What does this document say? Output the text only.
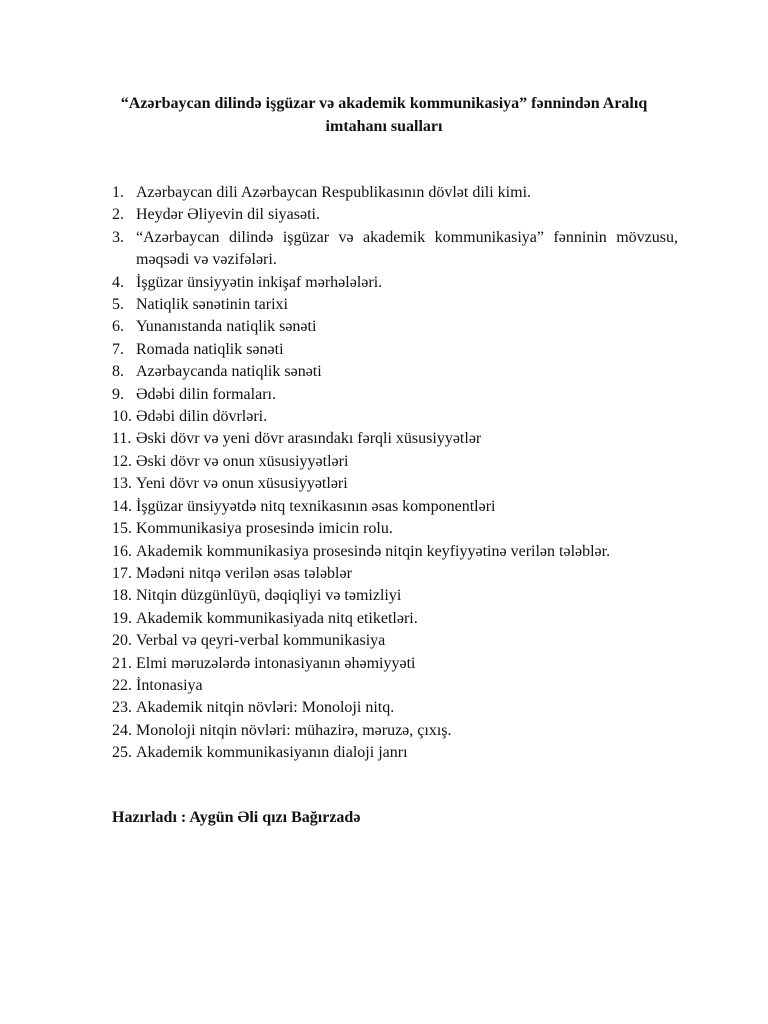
“Azərbaycan dilində işgüzar və akademik kommunikasiya” fənnindən Aralıq
imtahanı sualları
1. Azərbaycan dili Azərbaycan Respublikasının dövlət dili kimi.
2. Heydər Əliyevin dil siyasəti.
3. “Azərbaycan dilində işgüzar və akademik kommunikasiya” fənninin mövzusu, məqsədi və vəzifələri.
4. İşgüzar ünsiyyətin inkişaf mərhələləri.
5. Natiqlik sənətinin tarixi
6. Yunanıstanda natiqlik sənəti
7. Romada natiqlik sənəti
8. Azərbaycanda natiqlik sənəti
9. Ədəbi dilin formaları.
10. Ədəbi dilin dövrləri.
11. Əski dövr və yeni dövr arasındakı fərqli xüsusiyyətlər
12. Əski dövr və onun xüsusiyyətləri
13. Yeni dövr və onun xüsusiyyətləri
14. İşgüzar ünsiyyətdə nitq texnikasının əsas komponentləri
15. Kommunikasiya prosesində imicin rolu.
16. Akademik kommunikasiya prosesində nitqin keyfiyyətinə verilən tələblər.
17. Mədəni nitqə verilən əsas tələblər
18. Nitqin düzgünlüyü, dəqiqliyi və təmizliyi
19. Akademik kommunikasiyada nitq etiketləri.
20. Verbal və qeyri-verbal kommunikasiya
21. Elmi məruzələrdə intonasiyanın əhəmiyyəti
22. İntonasiya
23. Akademik nitqin növləri: Monoloji nitq.
24. Monoloji nitqin növləri: mühazirə, məruzə, çıxış.
25. Akademik kommunikasiyanın dialoji janrı
Hazırladı : Aygün Əli qızı Bağırzadə
